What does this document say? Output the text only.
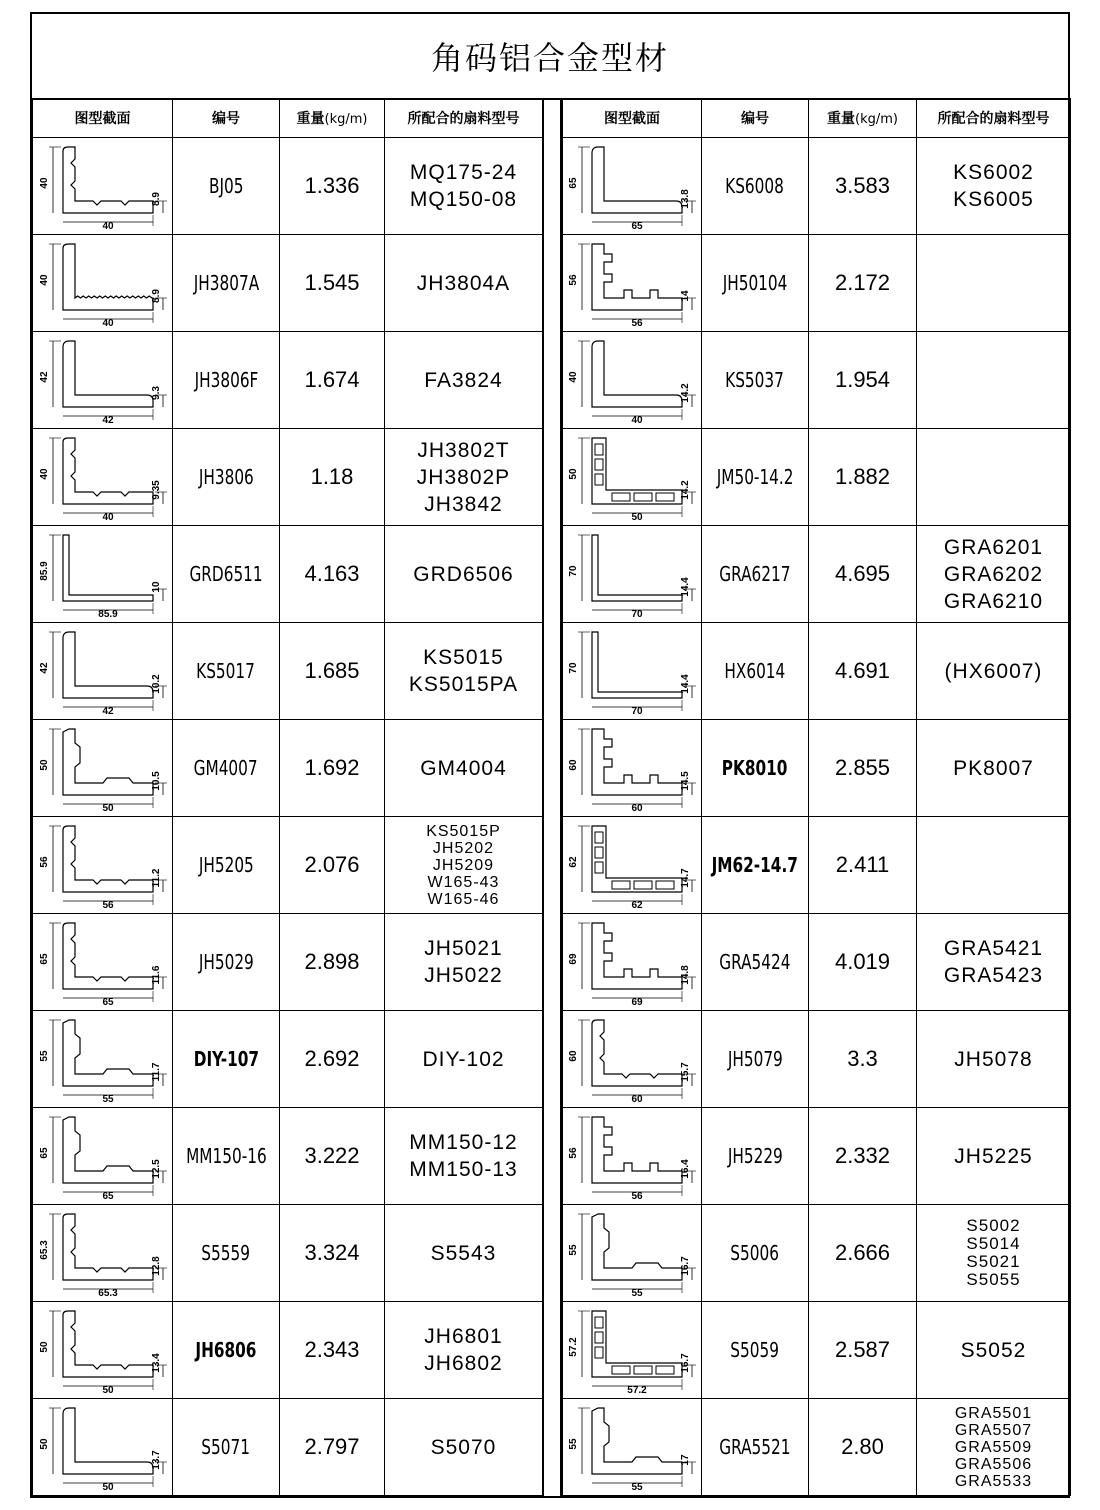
角码铝合金型材
图型截面	编号	重量(kg/m)	所配合的扇料型号

40
40
8.9	BJ05	1.336	MQ175-24
MQ150-08

40
40
8.9	JH3807A	1.545	JH3804A

42
42
9.3	JH3806F	1.674	FA3824

40
40
9.35	JH3806	1.18	JH3802T
JH3802P
JH3842

85.9
85.9
10	GRD6511	4.163	GRD6506

42
42
10.2	KS5017	1.685	KS5015
KS5015PA

50
50
10.5	GM4007	1.692	GM4004

56
56
11.2	JH5205	2.076	KS5015P
JH5202
JH5209
W165-43
W165-46

65
65
11.6	JH5029	2.898	JH5021
JH5022

55
55
11.7	DIY-107	2.692	DIY-102

65
65
12.5	MM150-16	3.222	MM150-12
MM150-13

65.3
65.3
12.8	S5559	3.324	S5543

50
50
13.4	JH6806	2.343	JH6801
JH6802

50
50
13.7	S5071	2.797	S5070
图型截面	编号	重量(kg/m)	所配合的扇料型号

65
65
13.8	KS6008	3.583	KS6002
KS6005

56
56
14	JH50104	2.172	

40
40
14.2	KS5037	1.954	

50
50
14.2	JM50-14.2	1.882	

70
70
14.4	GRA6217	4.695	GRA6201
GRA6202
GRA6210

70
70
14.4	HX6014	4.691	(HX6007)

60
60
14.5	PK8010	2.855	PK8007

62
62
14.7	JM62-14.7	2.411	

69
69
14.8	GRA5424	4.019	GRA5421
GRA5423

60
60
15.7	JH5079	3.3	JH5078

56
56
16.4	JH5229	2.332	JH5225

55
55
16.7	S5006	2.666	S5002
S5014
S5021
S5055

57.2
57.2
16.7	S5059	2.587	S5052

55
55
17	GRA5521	2.80	GRA5501
GRA5507
GRA5509
GRA5506
GRA5533
